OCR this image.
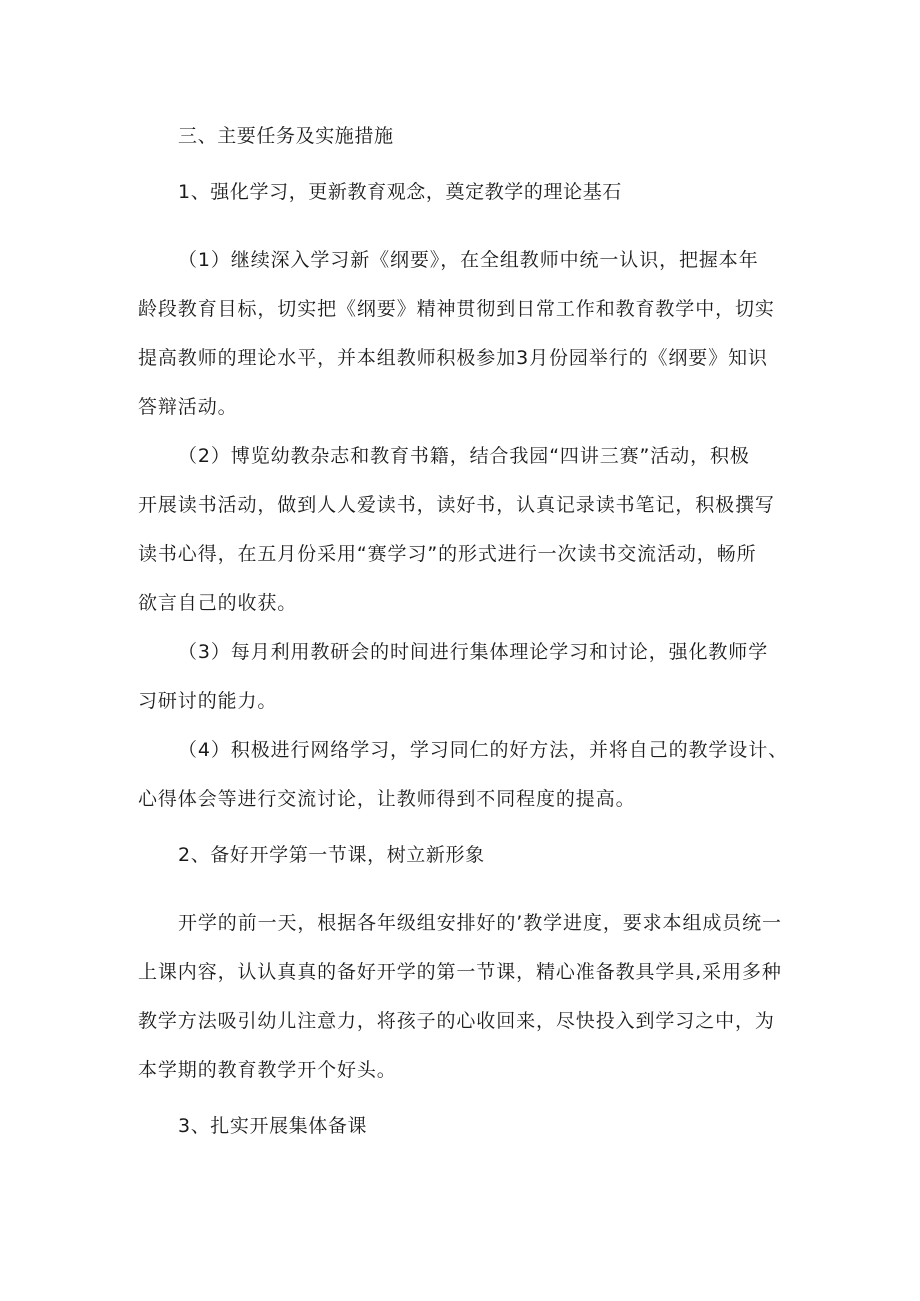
三、主要任务及实施措施
1、强化学习，更新教育观念，奠定教学的理论基石
（1）继续深入学习新《纲要》，在全组教师中统一认识，把握本年
龄段教育目标，切实把《纲要》精神贯彻到日常工作和教育教学中，切实
提高教师的理论水平，并本组教师积极参加3月份园举行的《纲要》知识
答辩活动。
（2）博览幼教杂志和教育书籍，结合我园“四讲三赛”活动，积极
开展读书活动，做到人人爱读书，读好书，认真记录读书笔记，积极撰写
读书心得，在五月份采用“赛学习”的形式进行一次读书交流活动，畅所
欲言自己的收获。
（3）每月利用教研会的时间进行集体理论学习和讨论，强化教师学
习研讨的能力。
（4）积极进行网络学习，学习同仁的好方法，并将自己的教学设计、
心得体会等进行交流讨论，让教师得到不同程度的提高。
2、备好开学第一节课，树立新形象
开学的前一天，根据各年级组安排好的’教学进度，要求本组成员统一
上课内容，认认真真的备好开学的第一节课，精心准备教具学具,采用多种
教学方法吸引幼儿注意力，将孩子的心收回来，尽快投入到学习之中，为
本学期的教育教学开个好头。
3、扎实开展集体备课
